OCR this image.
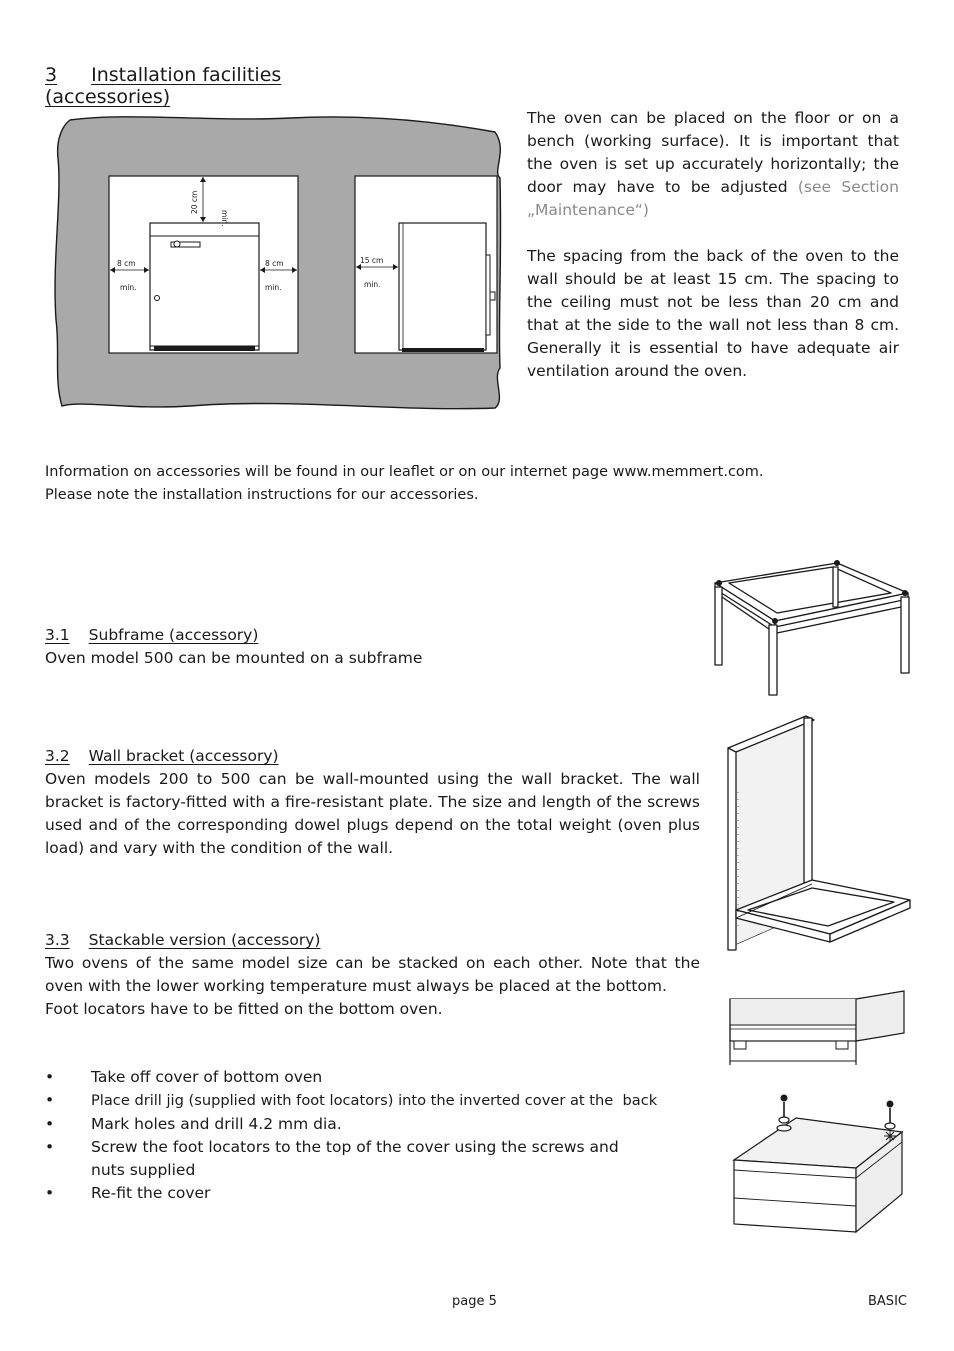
3 Installation facilities (accessories)
20 cm
min.
8 cm
min.
8 cm
min.
15 cm
min.
The oven can be placed on the floor or on a bench (working surface). It is important that the oven is set up accurately horizontally; the door may have to be adjusted (see Section „Maintenance“)
The spacing from the back of the oven to the wall should be at least 15 cm. The spacing to the ceiling must not be less than 20 cm and that at the side to the wall not less than 8 cm. Generally it is essential to have adequate air ventilation around the oven.
Information on accessories will be found in our leaflet or on our internet page www.memmert.com.
Please note the installation instructions for our accessories.
3.1 Subframe (accessory)
Oven model 500 can be mounted on a subframe
3.2 Wall bracket (accessory)
Oven models 200 to 500 can be wall-mounted using the wall bracket. The wall bracket is factory-fitted with a fire-resistant plate. The size and length of the screws used and of the corresponding dowel plugs depend on the total weight (oven plus load) and vary with the condition of the wall.
3.3 Stackable version (accessory)
Two ovens of the same model size can be stacked on each other. Note that the oven with the lower working temperature must always be placed at the bottom.
Foot locators have to be fitted on the bottom oven.
•	Take off cover of bottom oven
•	Place drill jig (supplied with foot locators) into the inverted cover at the  back
•	Mark holes and drill 4.2 mm dia.
•	Screw the foot locators to the top of the cover using the screws and
nuts supplied
•	Re-fit the cover
page 5	BASIC
